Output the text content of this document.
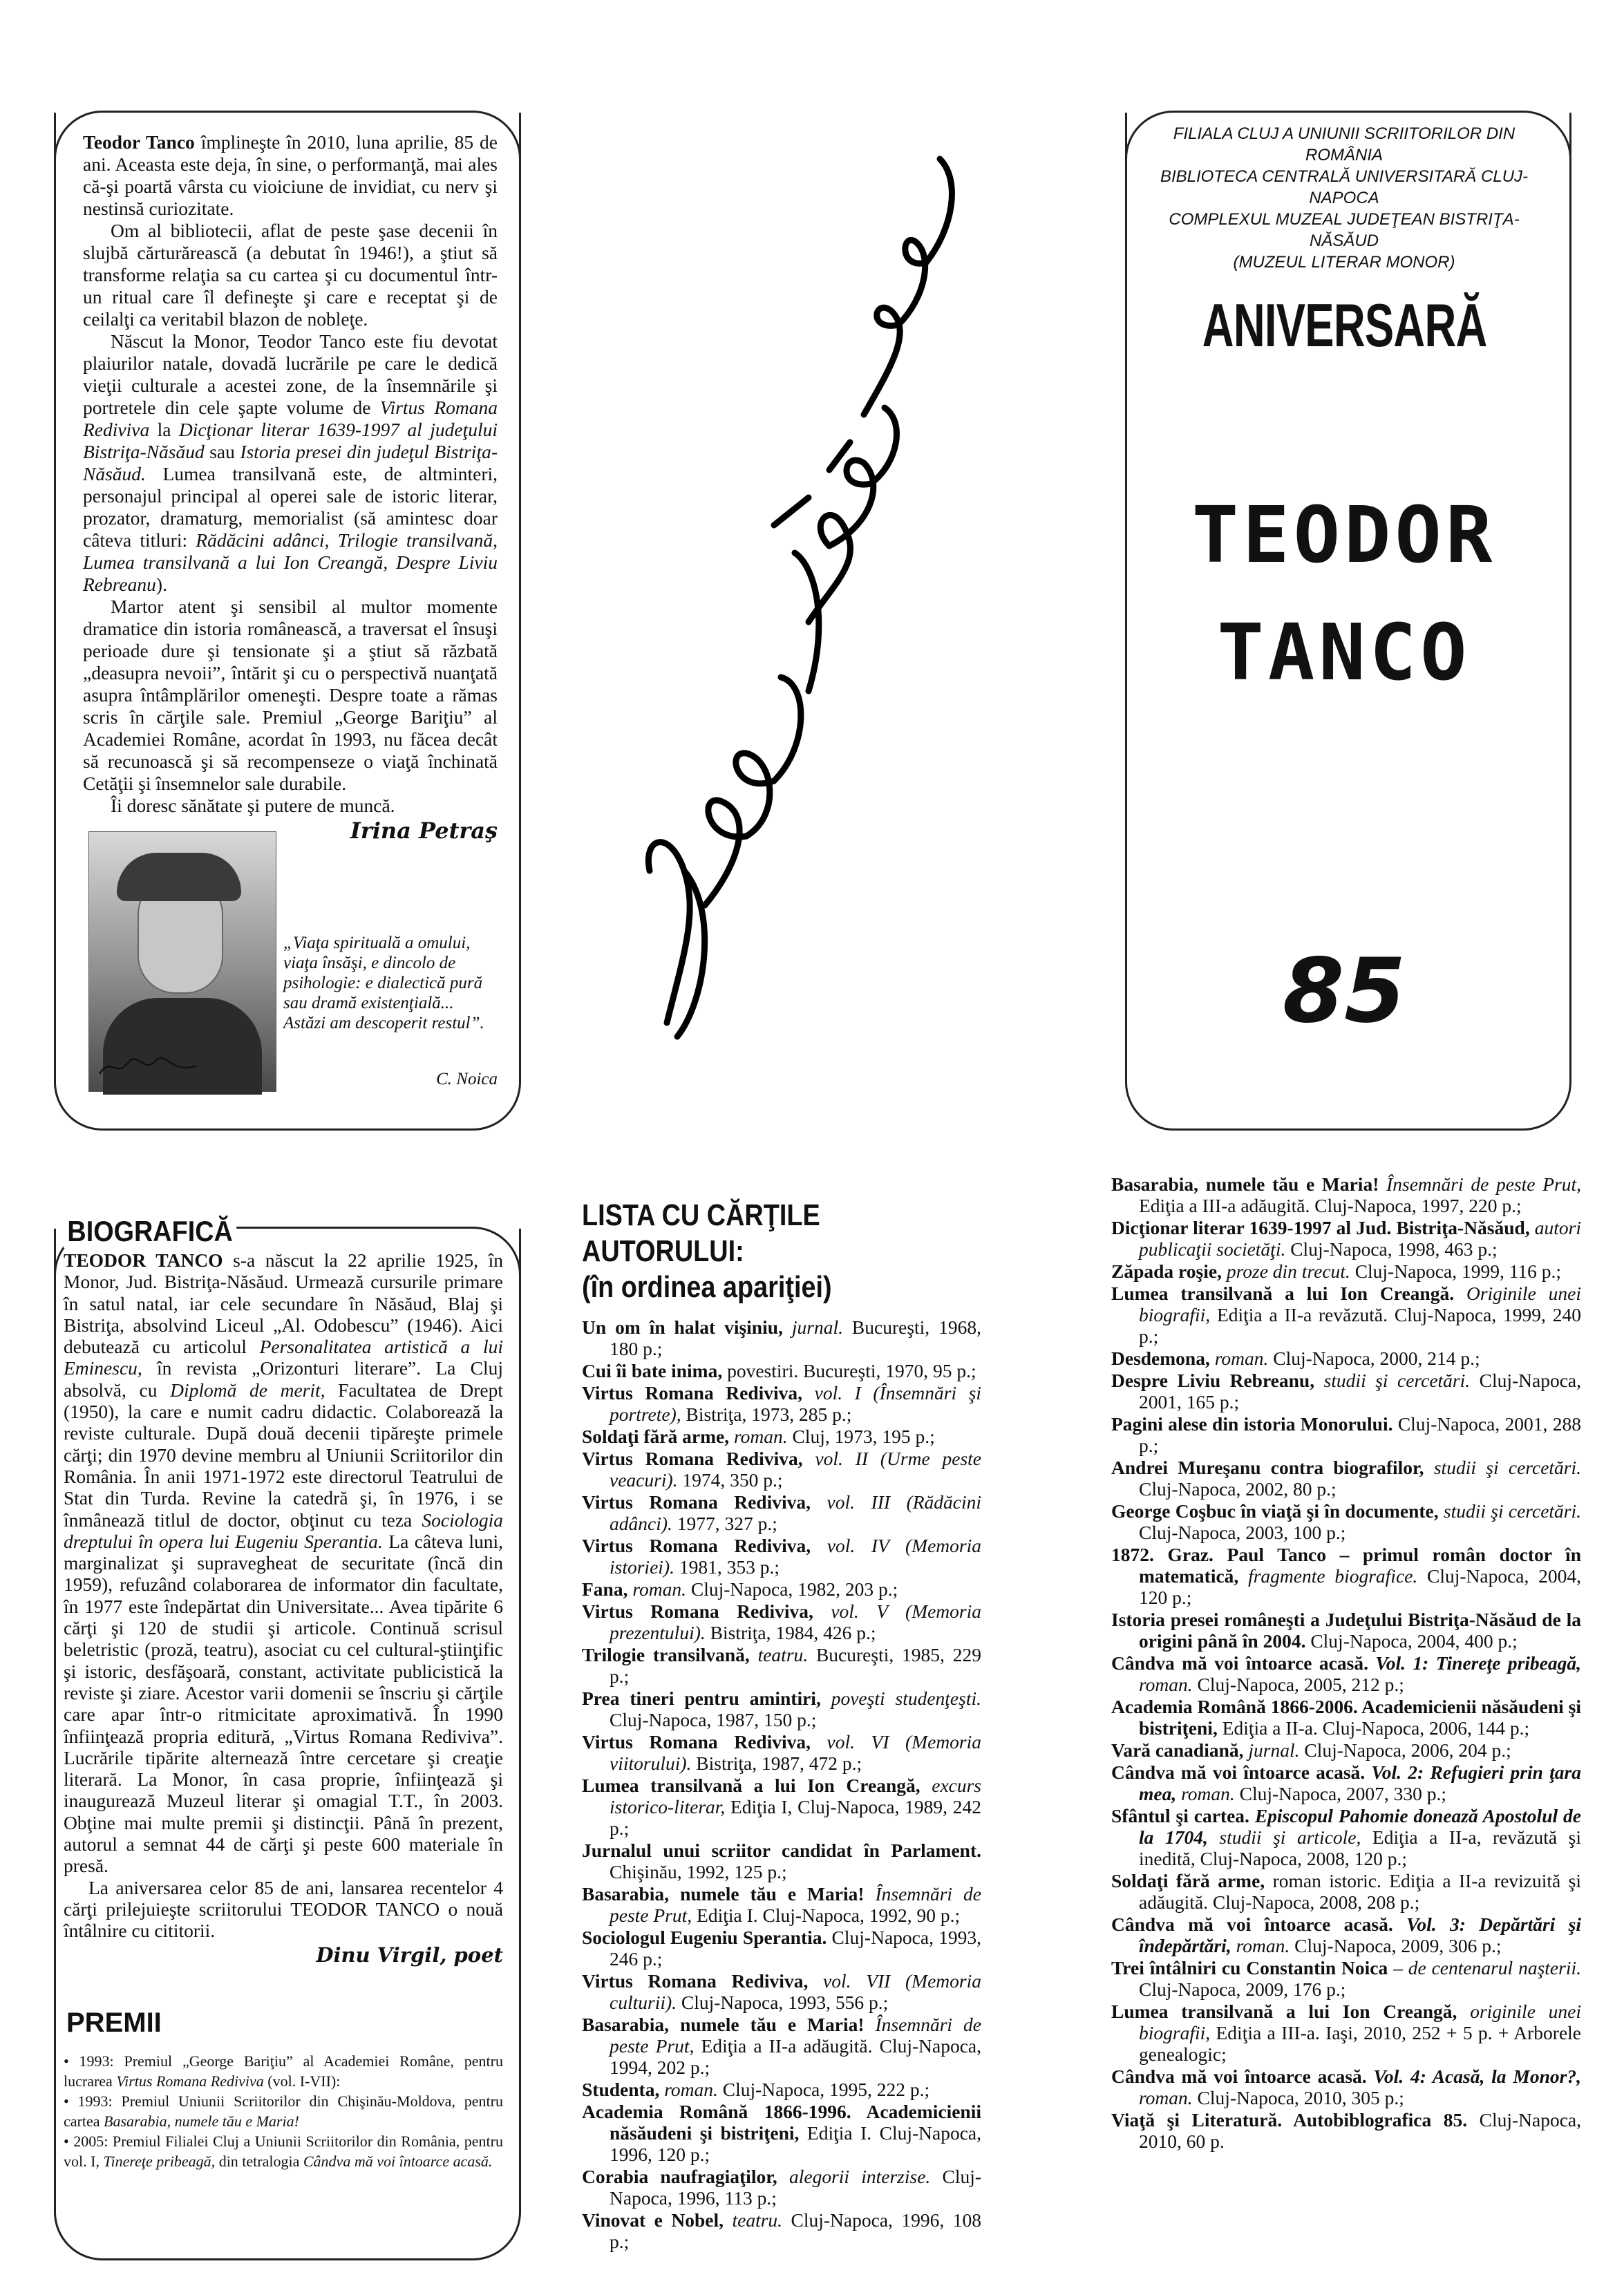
Teodor Tanco împlineşte în 2010, luna aprilie, 85 de ani. Aceasta este deja, în sine, o performanţă, mai ales că-şi poartă vârsta cu vioiciune de invidiat, cu nerv şi nestinsă curiozitate.

Om al bibliotecii, aflat de peste şase decenii în slujbă cărturărească (a debutat în 1946!), a ştiut să transforme relaţia sa cu cartea şi cu documentul într-un ritual care îl defineşte şi care e receptat şi de ceilalţi ca veritabil blazon de nobleţe.

Născut la Monor, Teodor Tanco este fiu devotat plaiurilor natale, dovadă lucrările pe care le dedică vieţii culturale a acestei zone, de la însemnările şi portretele din cele şapte volume de Virtus Romana Rediviva la Dicţionar literar 1639-1997 al judeţului Bistriţa-Năsăud sau Istoria presei din judeţul Bistriţa-Năsăud. Lumea transilvană este, de altminteri, personajul principal al operei sale de istoric literar, prozator, dramaturg, memorialist (să amintesc doar câteva titluri: Rădăcini adânci, Trilogie transilvană, Lumea transilvană a lui Ion Creangă, Despre Liviu Rebreanu).

Martor atent şi sensibil al multor momente dramatice din istoria românească, a traversat el însuşi perioade dure şi tensionate şi a ştiut să răzbată „deasupra nevoii”, întărit şi cu o perspectivă nuanţată asupra întâmplărilor omeneşti. Despre toate a rămas scris în cărţile sale. Premiul „George Bariţiu” al Academiei Române, acordat în 1993, nu făcea decât să recunoască şi să recompenseze o viaţă închinată Cetăţii şi însemnelor sale durabile.

Îi doresc sănătate şi putere de muncă.

Irina Petraş
„Viaţa spirituală a omului, viaţa însăşi, e dincolo de psihologie: e dialectică pură sau dramă existenţială... Astăzi am descoperit restul”.
C. Noica
FILIALA CLUJ A UNIUNII SCRIITORILOR DIN ROMÂNIA
BIBLIOTECA CENTRALĂ UNIVERSITARĂ CLUJ-NAPOCA
COMPLEXUL MUZEAL JUDEŢEAN BISTRIŢA-NĂSĂUD
(MUZEUL LITERAR MONOR)
ANIVERSARĂ
TEODOR
TANCO
85
BIOGRAFICĂ

TEODOR TANCO s-a născut la 22 aprilie 1925, în Monor, Jud. Bistriţa-Năsăud. Urmează cursurile primare în satul natal, iar cele secundare în Năsăud, Blaj şi Bistriţa, absolvind Liceul „Al. Odobescu” (1946). Aici debutează cu articolul Personalitatea artistică a lui Eminescu, în revista „Orizonturi literare”. La Cluj absolvă, cu Diplomă de merit, Facultatea de Drept (1950), la care e numit cadru didactic. Colaborează la reviste culturale. După două decenii tipăreşte primele cărţi; din 1970 devine membru al Uniunii Scriitorilor din România. În anii 1971-1972 este directorul Teatrului de Stat din Turda. Revine la catedră şi, în 1976, i se înmânează titlul de doctor, obţinut cu teza Sociologia dreptului în opera lui Eugeniu Sperantia. La câteva luni, marginalizat şi supravegheat de securitate (încă din 1959), refuzând colaborarea de informator din facultate, în 1977 este îndepărtat din Universitate... Avea tipărite 6 cărţi şi 120 de studii şi articole. Continuă scrisul beletristic (proză, teatru), asociat cu cel cultural-ştiinţific şi istoric, desfăşoară, constant, activitate publicistică la reviste şi ziare. Acestor varii domenii se înscriu şi cărţile care apar într-o ritmicitate aproximativă. În 1990 înfiinţează propria editură, „Virtus Romana Rediviva”. Lucrările tipărite alternează între cercetare şi creaţie literară. La Monor, în casa proprie, înfiinţează şi inaugurează Muzeul literar şi omagial T.T., în 2003. Obţine mai multe premii şi distincţii. Până în prezent, autorul a semnat 44 de cărţi şi peste 600 materiale în presă.

La aniversarea celor 85 de ani, lansarea recentelor 4 cărţi prilejuieşte scriitorului TEODOR TANCO o nouă întâlnire cu cititorii.

Dinu Virgil, poet
PREMII

• 1993: Premiul „George Bariţiu” al Academiei Române, pentru lucrarea Virtus Romana Rediviva (vol. I-VII):

• 1993: Premiul Uniunii Scriitorilor din Chişinău-Moldova, pentru cartea Basarabia, numele tău e Maria!

• 2005: Premiul Filialei Cluj a Uniunii Scriitorilor din România, pentru vol. I, Tinereţe pribeagă, din tetralogia Cândva mă voi întoarce acasă.

LISTA CU CĂRŢILE AUTORULUI:
(în ordinea apariţiei)

Un om în halat vişiniu, jurnal. Bucureşti, 1968, 180 p.;

Cui îi bate inima, povestiri. Bucureşti, 1970, 95 p.;

Virtus Romana Rediviva, vol. I (Însemnări şi portrete), Bistriţa, 1973, 285 p.;

Soldaţi fără arme, roman. Cluj, 1973, 195 p.;

Virtus Romana Rediviva, vol. II (Urme peste veacuri). 1974, 350 p.;

Virtus Romana Rediviva, vol. III (Rădăcini adânci). 1977, 327 p.;

Virtus Romana Rediviva, vol. IV (Memoria istoriei). 1981, 353 p.;

Fana, roman. Cluj-Napoca, 1982, 203 p.;

Virtus Romana Rediviva, vol. V (Memoria prezentului). Bistriţa, 1984, 426 p.;

Trilogie transilvană, teatru. Bucureşti, 1985, 229 p.;

Prea tineri pentru amintiri, poveşti studenţeşti. Cluj-Napoca, 1987, 150 p.;

Virtus Romana Rediviva, vol. VI (Memoria viitorului). Bistriţa, 1987, 472 p.;

Lumea transilvană a lui Ion Creangă, excurs istorico-literar, Ediţia I, Cluj-Napoca, 1989, 242 p.;

Jurnalul unui scriitor candidat în Parlament. Chişinău, 1992, 125 p.;

Basarabia, numele tău e Maria! Însemnări de peste Prut, Ediţia I. Cluj-Napoca, 1992, 90 p.;

Sociologul Eugeniu Sperantia. Cluj-Napoca, 1993, 246 p.;

Virtus Romana Rediviva, vol. VII (Memoria culturii). Cluj-Napoca, 1993, 556 p.;

Basarabia, numele tău e Maria! Însemnări de peste Prut, Ediţia a II-a adăugită. Cluj-Napoca, 1994, 202 p.;

Studenta, roman. Cluj-Napoca, 1995, 222 p.;

Academia Română 1866-1996. Academicienii năsăudeni şi bistriţeni, Ediţia I. Cluj-Napoca, 1996, 120 p.;

Corabia naufragiaţilor, alegorii interzise. Cluj-Napoca, 1996, 113 p.;

Vinovat e Nobel, teatru. Cluj-Napoca, 1996, 108 p.;

Basarabia, numele tău e Maria! Însemnări de peste Prut, Ediţia a III-a adăugită. Cluj-Napoca, 1997, 220 p.;

Dicţionar literar 1639-1997 al Jud. Bistriţa-Năsăud, autori publicaţii societăţi. Cluj-Napoca, 1998, 463 p.;

Zăpada roşie, proze din trecut. Cluj-Napoca, 1999, 116 p.;

Lumea transilvană a lui Ion Creangă. Originile unei biografii, Ediţia a II-a revăzută. Cluj-Napoca, 1999, 240 p.;

Desdemona, roman. Cluj-Napoca, 2000, 214 p.;

Despre Liviu Rebreanu, studii şi cercetări. Cluj-Napoca, 2001, 165 p.;

Pagini alese din istoria Monorului. Cluj-Napoca, 2001, 288 p.;

Andrei Mureşanu contra biografilor, studii şi cercetări. Cluj-Napoca, 2002, 80 p.;

George Coşbuc în viaţă şi în documente, studii şi cercetări. Cluj-Napoca, 2003, 100 p.;

1872. Graz. Paul Tanco – primul român doctor în matematică, fragmente biografice. Cluj-Napoca, 2004, 120 p.;

Istoria presei româneşti a Judeţului Bistriţa-Năsăud de la origini până în 2004. Cluj-Napoca, 2004, 400 p.;

Cândva mă voi întoarce acasă. Vol. 1: Tinereţe pribeagă, roman. Cluj-Napoca, 2005, 212 p.;

Academia Română 1866-2006. Academicienii năsăudeni şi bistriţeni, Ediţia a II-a. Cluj-Napoca, 2006, 144 p.;

Vară canadiană, jurnal. Cluj-Napoca, 2006, 204 p.;

Cândva mă voi întoarce acasă. Vol. 2: Refugieri prin ţara mea, roman. Cluj-Napoca, 2007, 330 p.;

Sfântul şi cartea. Episcopul Pahomie donează Apostolul de la 1704, studii şi articole, Ediţia a II-a, revăzută şi inedită, Cluj-Napoca, 2008, 120 p.;

Soldaţi fără arme, roman istoric. Ediţia a II-a revizuită şi adăugită. Cluj-Napoca, 2008, 208 p.;

Cândva mă voi întoarce acasă. Vol. 3: Depărtări şi îndepărtări, roman. Cluj-Napoca, 2009, 306 p.;

Trei întâlniri cu Constantin Noica – de centenarul naşterii. Cluj-Napoca, 2009, 176 p.;

Lumea transilvană a lui Ion Creangă, originile unei biografii, Ediţia a III-a. Iaşi, 2010, 252 + 5 p. + Arborele genealogic;

Cândva mă voi întoarce acasă. Vol. 4: Acasă, la Monor?, roman. Cluj-Napoca, 2010, 305 p.;

Viaţă şi Literatură. Autobiblografica 85. Cluj-Napoca, 2010, 60 p.
